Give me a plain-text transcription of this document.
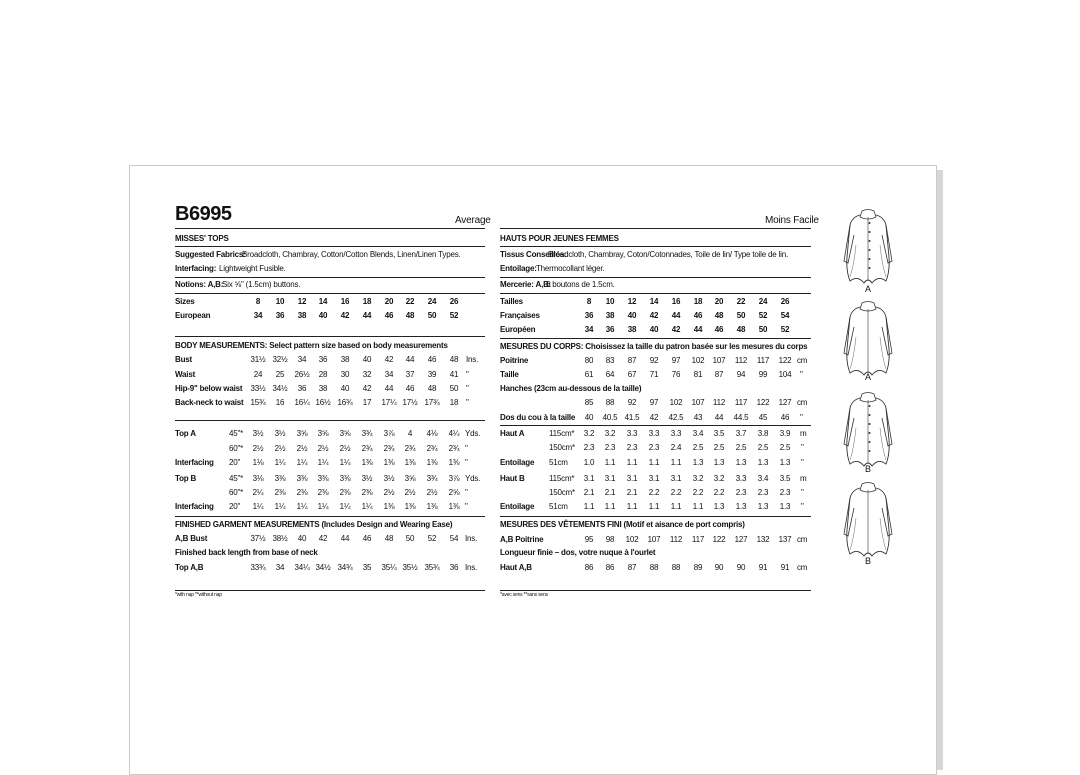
B6995	Average	Moins Facile
MISSES' TOPS
Suggested Fabrics:
Broadcloth, Chambray, Cotton/Cotton Blends, Linen/Linen Types.
Interfacing: Lightweight Fusible.
Notions: A,B:
Six ⅝" (1.5cm) buttons.
Sizes	8	10	12	14	16	18	20	22	24	26
European	34	36	38	40	42	44	46	48	50	52
BODY MEASUREMENTS: Select pattern size based on body measurements
Bust	31½ 32½	34	36	38	40	42	44	46	48 Ins.
Waist	24	25	26½	28	30	32	34	37	39	41 "
Hip-9" below waist 33½ 34½	36	38	40	42	44	46	48	50 "
Back-neck to waist 15¾	16	16¼ 16½ 16¾	17	17¼ 17½ 17¾	18 "
Top A	45"*	3½	3½	3⅝	3⅝	3⅝	3¾	3⅞	4	4⅛	4¼ Yds.
60"*	2½	2½	2½	2½	2½	2¾	2¾	2¾	2¾	2¾ "
Interfacing 20"	1⅛	1¼	1¼	1¼	1¼	1⅜	1⅜	1⅜	1⅜	1⅜ "
Top B	45"*	3⅛	3⅜	3⅜	3⅜	3⅜	3½	3½	3⅝	3¾	3⅞ Yds.
60"*	2¼	2⅜	2⅜	2⅜	2⅜	2⅜	2½	2½	2½	2⅝ "
Interfacing 20"	1¼	1¼	1¼	1¼	1¼	1¼	1⅜	1⅜	1⅜	1⅜ "
FINISHED GARMENT MEASUREMENTS (Includes Design and Wearing Ease)
A,B Bust	37½ 38½	40	42	44	46	48	50	52	54 Ins.
Finished back length from base of neck
Top A,B	33¾	34	34¼ 34½ 34¾	35	35¼ 35½ 35¾	36 Ins.
*with nap **without nap
HAUTS POUR JEUNES FEMMES
Tissus Conseillés:
Broadcloth, Chambray, Coton/Cotonnades, Toile de lin/ Type toile de lin.
Entoilage: Thermocollant léger.
Mercerie: A,B:
6 boutons de 1.5cm.
Tailles	8	10	12	14	16	18	20	22	24	26
Françaises	36	38	40	42	44	46	48	50	52	54
Européen	34	36	38	40	42	44	46	48	50	52
MESURES DU CORPS: Choisissez la taille du patron basée sur les mesures du corps
Poitrine	80	83	87	92	97	102 107 112 117 122 cm
Taille	61	64	67	71	76	81	87	94	99	104 "
Hanches (23cm au-dessous de la taille)
85	88	92	97	102 107 112 117 122 127 cm
Dos du cou à la taille	40	40.5 41.5	42	42.5	43	44	44.5	45	46	"
Haut A	115cm*	3.2	3.2	3.3	3.3	3.3	3.4	3.5	3.7	3.8	3.9	m
150cm*	2.3	2.3	2.3	2.3	2.4	2.5	2.5	2.5	2.5	2.5	"
Entoilage 51cm	1.0	1.1	1.1	1.1	1.1	1.3	1.3	1.3	1.3	1.3	"
Haut B	115cm*	3.1	3.1	3.1	3.1	3.1	3.2	3.2	3.3	3.4	3.5	m
150cm*	2.1	2.1	2.1	2.2	2.2	2.2	2.2	2.3	2.3	2.3	"
Entoilage 51cm	1.1	1.1	1.1	1.1	1.1	1.1	1.3	1.3	1.3	1.3	"
MESURES DES VÊTEMENTS FINI (Motif et aisance de port compris)
A,B Poitrine	95	98	102 107 112 117 122 127 132 137 cm
Longueur finie – dos, votre nuque à l'ourlet
Haut A,B	86	86	87	88	88	89	90	90	91	91 cm
*avec sens **sans sens
A
A
B
B
